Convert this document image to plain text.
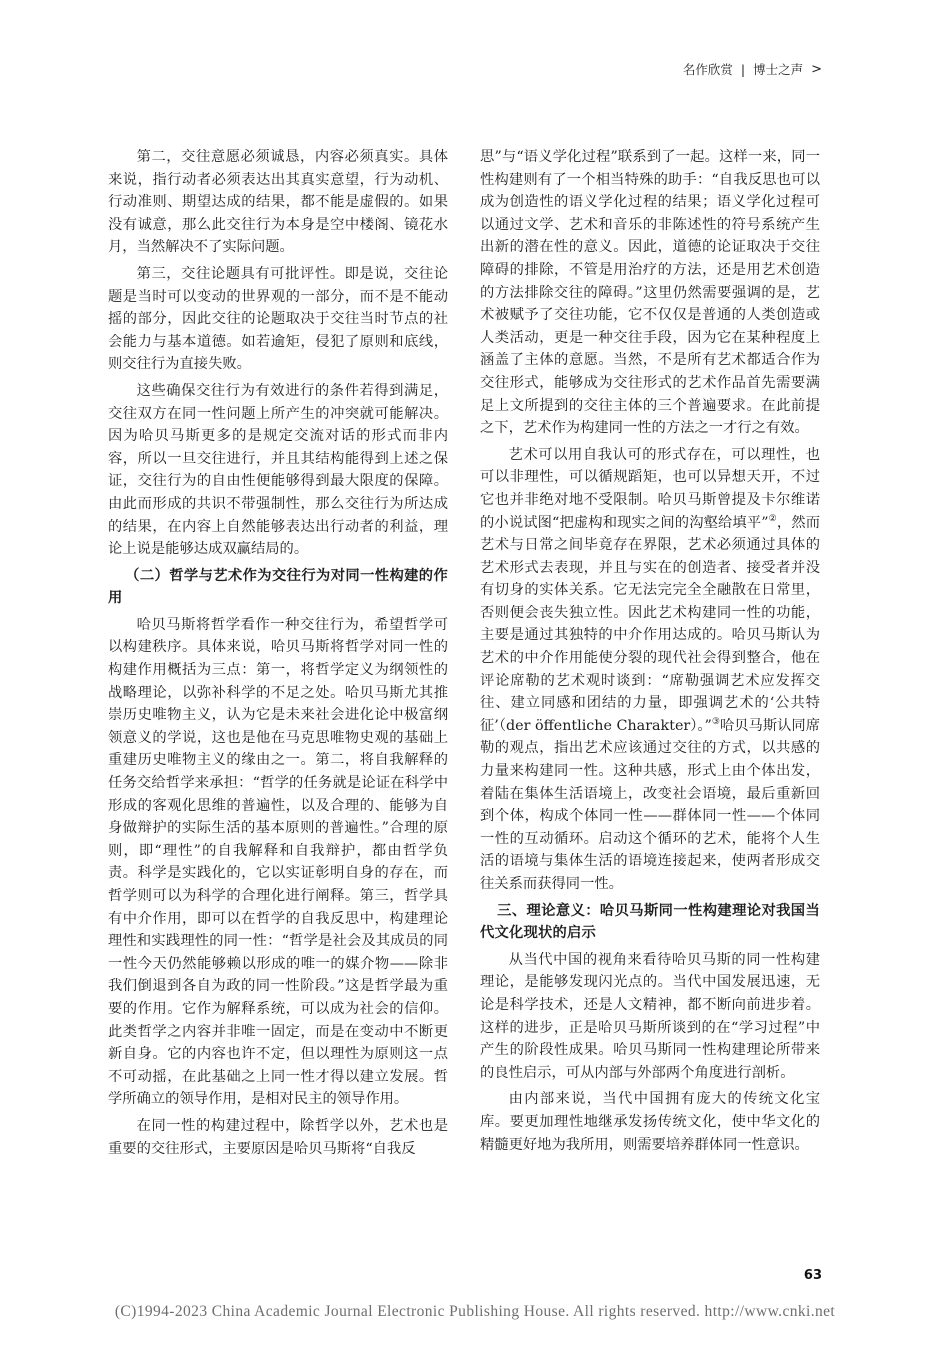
名作欣赏 | 博士之声 >

第二，交往意愿必须诚恳，内容必须真实。具体来说，指行动者必须表达出其真实意望，行为动机、行动准则、期望达成的结果，都不能是虚假的。如果没有诚意，那么此交往行为本身是空中楼阁、镜花水月，当然解决不了实际问题。

第三，交往论题具有可批评性。即是说，交往论题是当时可以变动的世界观的一部分，而不是不能动摇的部分，因此交往的论题取决于交往当时节点的社会能力与基本道德。如若逾矩，侵犯了原则和底线，则交往行为直接失败。

这些确保交往行为有效进行的条件若得到满足，交往双方在同一性问题上所产生的冲突就可能解决。因为哈贝马斯更多的是规定交流对话的形式而非内容，所以一旦交往进行，并且其结构能得到上述之保证，交往行为的自由性便能够得到最大限度的保障。由此而形成的共识不带强制性，那么交往行为所达成的结果，在内容上自然能够表达出行动者的利益，理论上说是能够达成双赢结局的。

（二）哲学与艺术作为交往行为对同一性构建的作用

哈贝马斯将哲学看作一种交往行为，希望哲学可以构建秩序。具体来说，哈贝马斯将哲学对同一性的构建作用概括为三点：第一，将哲学定义为纲领性的战略理论，以弥补科学的不足之处。哈贝马斯尤其推崇历史唯物主义，认为它是未来社会进化论中极富纲领意义的学说，这也是他在马克思唯物史观的基础上重建历史唯物主义的缘由之一。第二，将自我解释的任务交给哲学来承担：“哲学的任务就是论证在科学中形成的客观化思维的普遍性，以及合理的、能够为自身做辩护的实际生活的基本原则的普遍性。”合理的原则，即“理性”的自我解释和自我辩护，都由哲学负责。科学是实践化的，它以实证彰明自身的存在，而哲学则可以为科学的合理化进行阐释。第三，哲学具有中介作用，即可以在哲学的自我反思中，构建理论理性和实践理性的同一性：“哲学是社会及其成员的同一性今天仍然能够赖以形成的唯一的媒介物——除非我们倒退到各自为政的同一性阶段。”这是哲学最为重要的作用。它作为解释系统，可以成为社会的信仰。此类哲学之内容并非唯一固定，而是在变动中不断更新自身。它的内容也许不定，但以理性为原则这一点不可动摇，在此基础之上同一性才得以建立发展。哲学所确立的领导作用，是相对民主的领导作用。

在同一性的构建过程中，除哲学以外，艺术也是重要的交往形式，主要原因是哈贝马斯将“自我反

思”与“语义学化过程”联系到了一起。这样一来，同一性构建则有了一个相当特殊的助手：“自我反思也可以成为创造性的语义学化过程的结果；语义学化过程可以通过文学、艺术和音乐的非陈述性的符号系统产生出新的潜在性的意义。因此，道德的论证取决于交往障碍的排除，不管是用治疗的方法，还是用艺术创造的方法排除交往的障碍。”这里仍然需要强调的是，艺术被赋予了交往功能，它不仅仅是普通的人类创造或人类活动，更是一种交往手段，因为它在某种程度上涵盖了主体的意愿。当然，不是所有艺术都适合作为交往形式，能够成为交往形式的艺术作品首先需要满足上文所提到的交往主体的三个普遍要求。在此前提之下，艺术作为构建同一性的方法之一才行之有效。

艺术可以用自我认可的形式存在，可以理性，也可以非理性，可以循规蹈矩，也可以异想天开，不过它也并非绝对地不受限制。哈贝马斯曾提及卡尔维诺的小说试图“把虚构和现实之间的沟壑给填平”②，然而艺术与日常之间毕竟存在界限，艺术必须通过具体的艺术形式去表现，并且与实在的创造者、接受者并没有切身的实体关系。它无法完完全全融散在日常里，否则便会丧失独立性。因此艺术构建同一性的功能，主要是通过其独特的中介作用达成的。哈贝马斯认为艺术的中介作用能使分裂的现代社会得到整合，他在评论席勒的艺术观时谈到：“席勒强调艺术应发挥交往、建立同感和团结的力量，即强调艺术的‘公共特征’（der öffentliche Charakter）。”③哈贝马斯认同席勒的观点，指出艺术应该通过交往的方式，以共感的力量来构建同一性。这种共感，形式上由个体出发，着陆在集体生活语境上，改变社会语境，最后重新回到个体，构成个体同一性——群体同一性——个体同一性的互动循环。启动这个循环的艺术，能将个人生活的语境与集体生活的语境连接起来，使两者形成交往关系而获得同一性。

三、理论意义：哈贝马斯同一性构建理论对我国当代文化现状的启示

从当代中国的视角来看待哈贝马斯的同一性构建理论，是能够发现闪光点的。当代中国发展迅速，无论是科学技术，还是人文精神，都不断向前进步着。这样的进步，正是哈贝马斯所谈到的在“学习过程”中产生的阶段性成果。哈贝马斯同一性构建理论所带来的良性启示，可从内部与外部两个角度进行剖析。

由内部来说，当代中国拥有庞大的传统文化宝库。要更加理性地继承发扬传统文化，使中华文化的精髓更好地为我所用，则需要培养群体同一性意识。

63
(C)1994-2023 China Academic Journal Electronic Publishing House. All rights reserved. http://www.cnki.net
